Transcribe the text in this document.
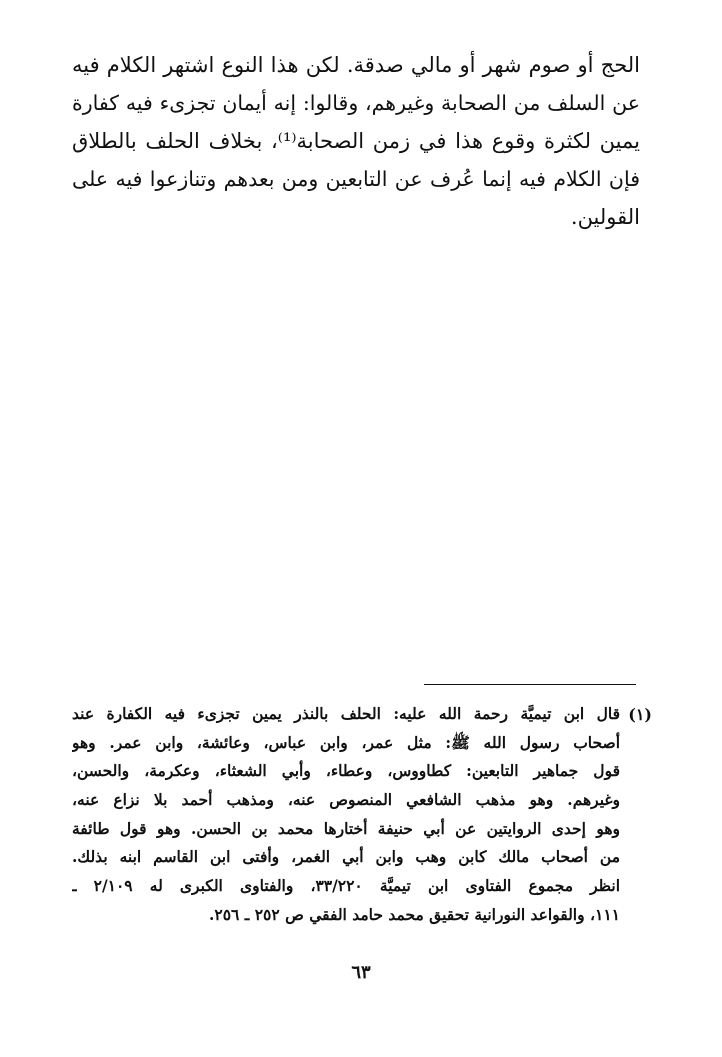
الحج أو صوم شهر أو مالي صدقة. لكن هذا النوع اشتهر الكلام فيه
عن السلف من الصحابة وغيرهم، وقالوا: إنه أيمان تجزىء فيه كفارة
يمين لكثرة وقوع هذا في زمن الصحابة⁽¹⁾، بخلاف الحلف بالطلاق
فإن الكلام فيه إنما عُرف عن التابعين ومن بعدهم وتنازعوا فيه على
القولين.
(١)
قال ابن تيميَّة رحمة الله عليه: الحلف بالنذر يمين تجزىء فيه الكفارة عند
أصحاب رسول الله ﷺ: مثل عمر، وابن عباس، وعائشة، وابن عمر. وهو
قول جماهير التابعين: كطاووس، وعطاء، وأبي الشعثاء، وعكرمة، والحسن،
وغيرهم. وهو مذهب الشافعي المنصوص عنه، ومذهب أحمد بلا نزاع عنه،
وهو إحدى الروايتين عن أبي حنيفة أختارها محمد بن الحسن. وهو قول طائفة
من أصحاب مالك كابن وهب وابن أبي الغمر، وأفتى ابن القاسم ابنه بذلك.
انظر مجموع الفتاوى ابن تيميَّة ٣٣/٢٢٠، والفتاوى الكبرى له ٢/١٠٩ ـ
١١١، والقواعد النورانية تحقيق محمد حامد الفقي ص ٢٥٢ ـ ٢٥٦.
٦٣
